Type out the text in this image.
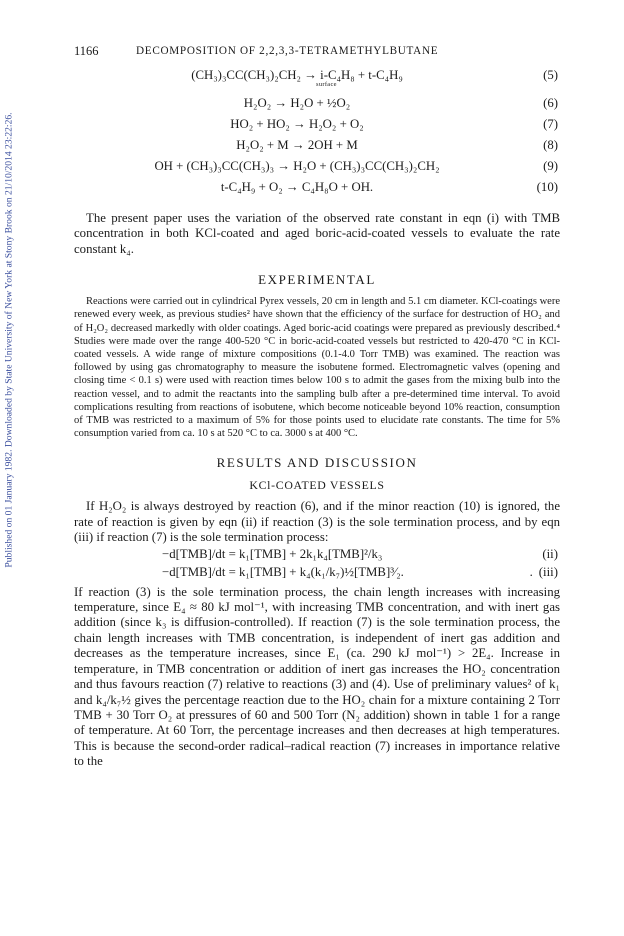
Published on 01 January 1982. Downloaded by State University of New York at Stony Brook on 21/10/2014 23:22:26.
1166	DECOMPOSITION OF 2,2,3,3-TETRAMETHYLBUTANE
(CH₃)₃CC(CH₃)₂CH₂ → i-C₄H₈ + t-C₄H₉
surface
(5)
H₂O₂ → H₂O + ½O₂	(6)
HO₂ + HO₂ → H₂O₂ + O₂	(7)
H₂O₂ + M → 2OH + M	(8)
OH + (CH₃)₃CC(CH₃)₃ → H₂O + (CH₃)₃CC(CH₃)₂CH₂	(9)
t-C₄H₉ + O₂ → C₄H₈O + OH.	(10)

The present paper uses the variation of the observed rate constant in eqn (i) with TMB concentration in both KCl-coated and aged boric-acid-coated vessels to evaluate the rate constant k₄.

EXPERIMENTAL

Reactions were carried out in cylindrical Pyrex vessels, 20 cm in length and 5.1 cm diameter. KCl-coatings were renewed every week, as previous studies² have shown that the efficiency of the surface for destruction of HO₂ and of H₂O₂ decreased markedly with older coatings. Aged boric-acid coatings were prepared as previously described.⁴ Studies were made over the range 400-520 °C in boric-acid-coated vessels but restricted to 420-470 °C in KCl-coated vessels. A wide range of mixture compositions (0.1-4.0 Torr TMB) was examined. The reaction was followed by using gas chromatography to measure the isobutene formed. Electromagnetic valves (opening and closing time < 0.1 s) were used with reaction times below 100 s to admit the gases from the mixing bulb into the reaction vessel, and to admit the reactants into the sampling bulb after a pre-determined time interval. To avoid complications resulting from reactions of isobutene, which become noticeable beyond 10% reaction, consumption of TMB was restricted to a maximum of 5% for those points used to elucidate rate constants. The time for 5% consumption varied from ca. 10 s at 520 °C to ca. 3000 s at 400 °C.

RESULTS AND DISCUSSION
KCl-COATED VESSELS

If H₂O₂ is always destroyed by reaction (6), and if the minor reaction (10) is ignored, the rate of reaction is given by eqn (ii) if reaction (3) is the sole termination process, and by eqn (iii) if reaction (7) is the sole termination process:

−d[TMB]/dt = k₁[TMB] + 2k₁k₄[TMB]²/k₃	(ii)
−d[TMB]/dt = k₁[TMB] + k₄(k₁/k₇)½[TMB]³⁄₂.	. (iii)

If reaction (3) is the sole termination process, the chain length increases with increasing temperature, since E₄ ≈ 80 kJ mol⁻¹, with increasing TMB concentration, and with inert gas addition (since k₃ is diffusion-controlled). If reaction (7) is the sole termination process, the chain length increases with TMB concentration, is independent of inert gas addition and decreases as the temperature increases, since E₁ (ca. 290 kJ mol⁻¹) > 2E₄. Increase in temperature, in TMB concentration or addition of inert gas increases the HO₂ concentration and thus favours reaction (7) relative to reactions (3) and (4). Use of preliminary values² of k₁ and k₄/k₇½ gives the percentage reaction due to the HO₂ chain for a mixture containing 2 Torr TMB + 30 Torr O₂ at pressures of 60 and 500 Torr (N₂ addition) shown in table 1 for a range of temperature. At 60 Torr, the percentage increases and then decreases at high temperatures. This is because the second-order radical–radical reaction (7) increases in importance relative to the
